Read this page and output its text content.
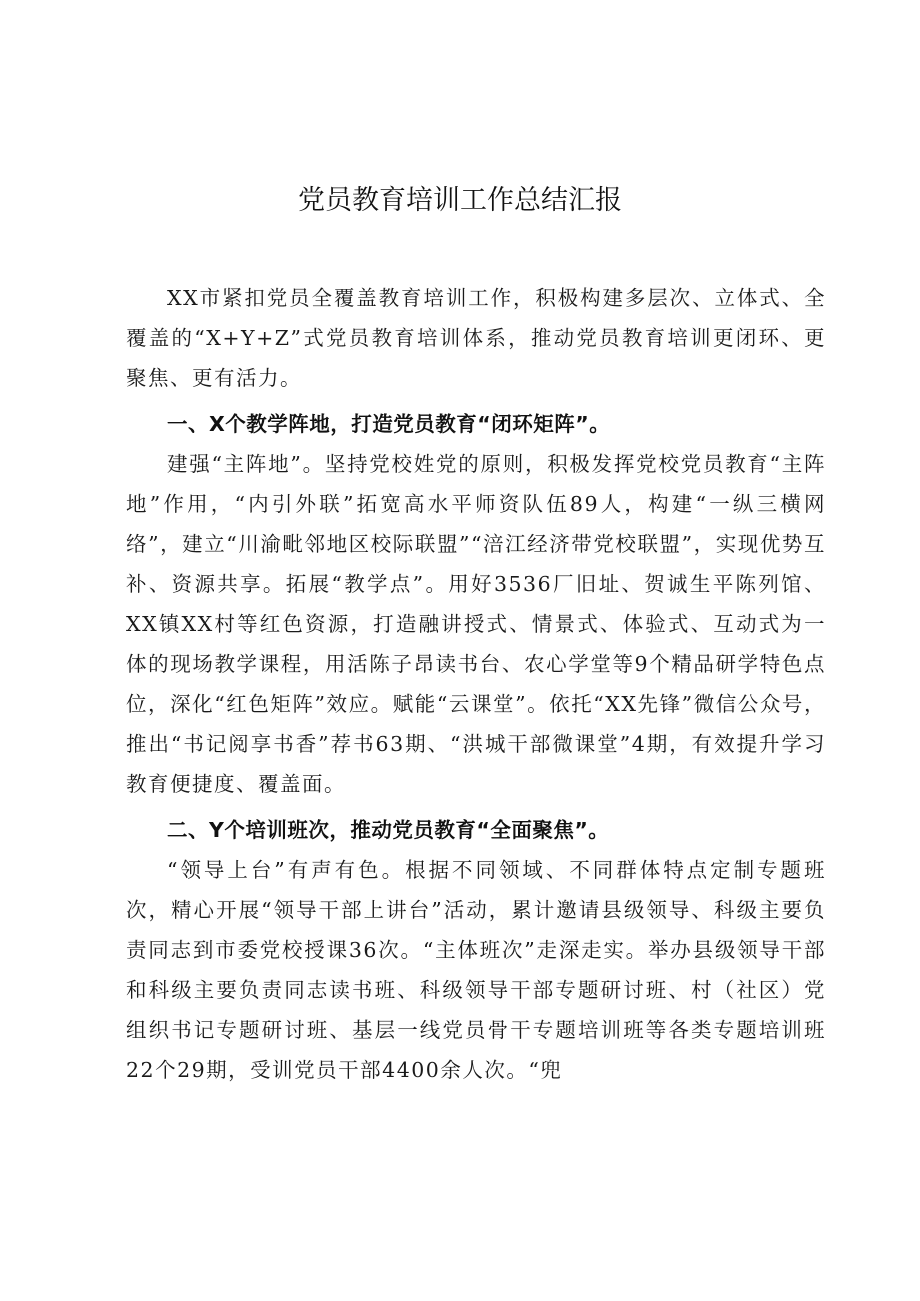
党员教育培训工作总结汇报

XX市紧扣党员全覆盖教育培训工作，积极构建多层次、立体式、全覆盖的“X+Y+Z”式党员教育培训体系，推动党员教育培训更闭环、更聚焦、更有活力。

一、X个教学阵地，打造党员教育“闭环矩阵”。

建强“主阵地”。坚持党校姓党的原则，积极发挥党校党员教育“主阵地”作用，“内引外联”拓宽高水平师资队伍89人，构建“一纵三横网络”，建立“川渝毗邻地区校际联盟”“涪江经济带党校联盟”，实现优势互补、资源共享。拓展“教学点”。用好3536厂旧址、贺诚生平陈列馆、XX镇XX村等红色资源，打造融讲授式、情景式、体验式、互动式为一体的现场教学课程，用活陈子昂读书台、农心学堂等9个精品研学特色点位，深化“红色矩阵”效应。赋能“云课堂”。依托“XX先锋”微信公众号，推出“书记阅享书香”荐书63期、“洪城干部微课堂”4期，有效提升学习教育便捷度、覆盖面。

二、Y个培训班次，推动党员教育“全面聚焦”。

“领导上台”有声有色。根据不同领域、不同群体特点定制专题班次，精心开展“领导干部上讲台”活动，累计邀请县级领导、科级主要负责同志到市委党校授课36次。“主体班次”走深走实。举办县级领导干部和科级主要负责同志读书班、科级领导干部专题研讨班、村（社区）党组织书记专题研讨班、基层一线党员骨干专题培训班等各类专题培训班22个29期，受训党员干部4400余人次。“兜
